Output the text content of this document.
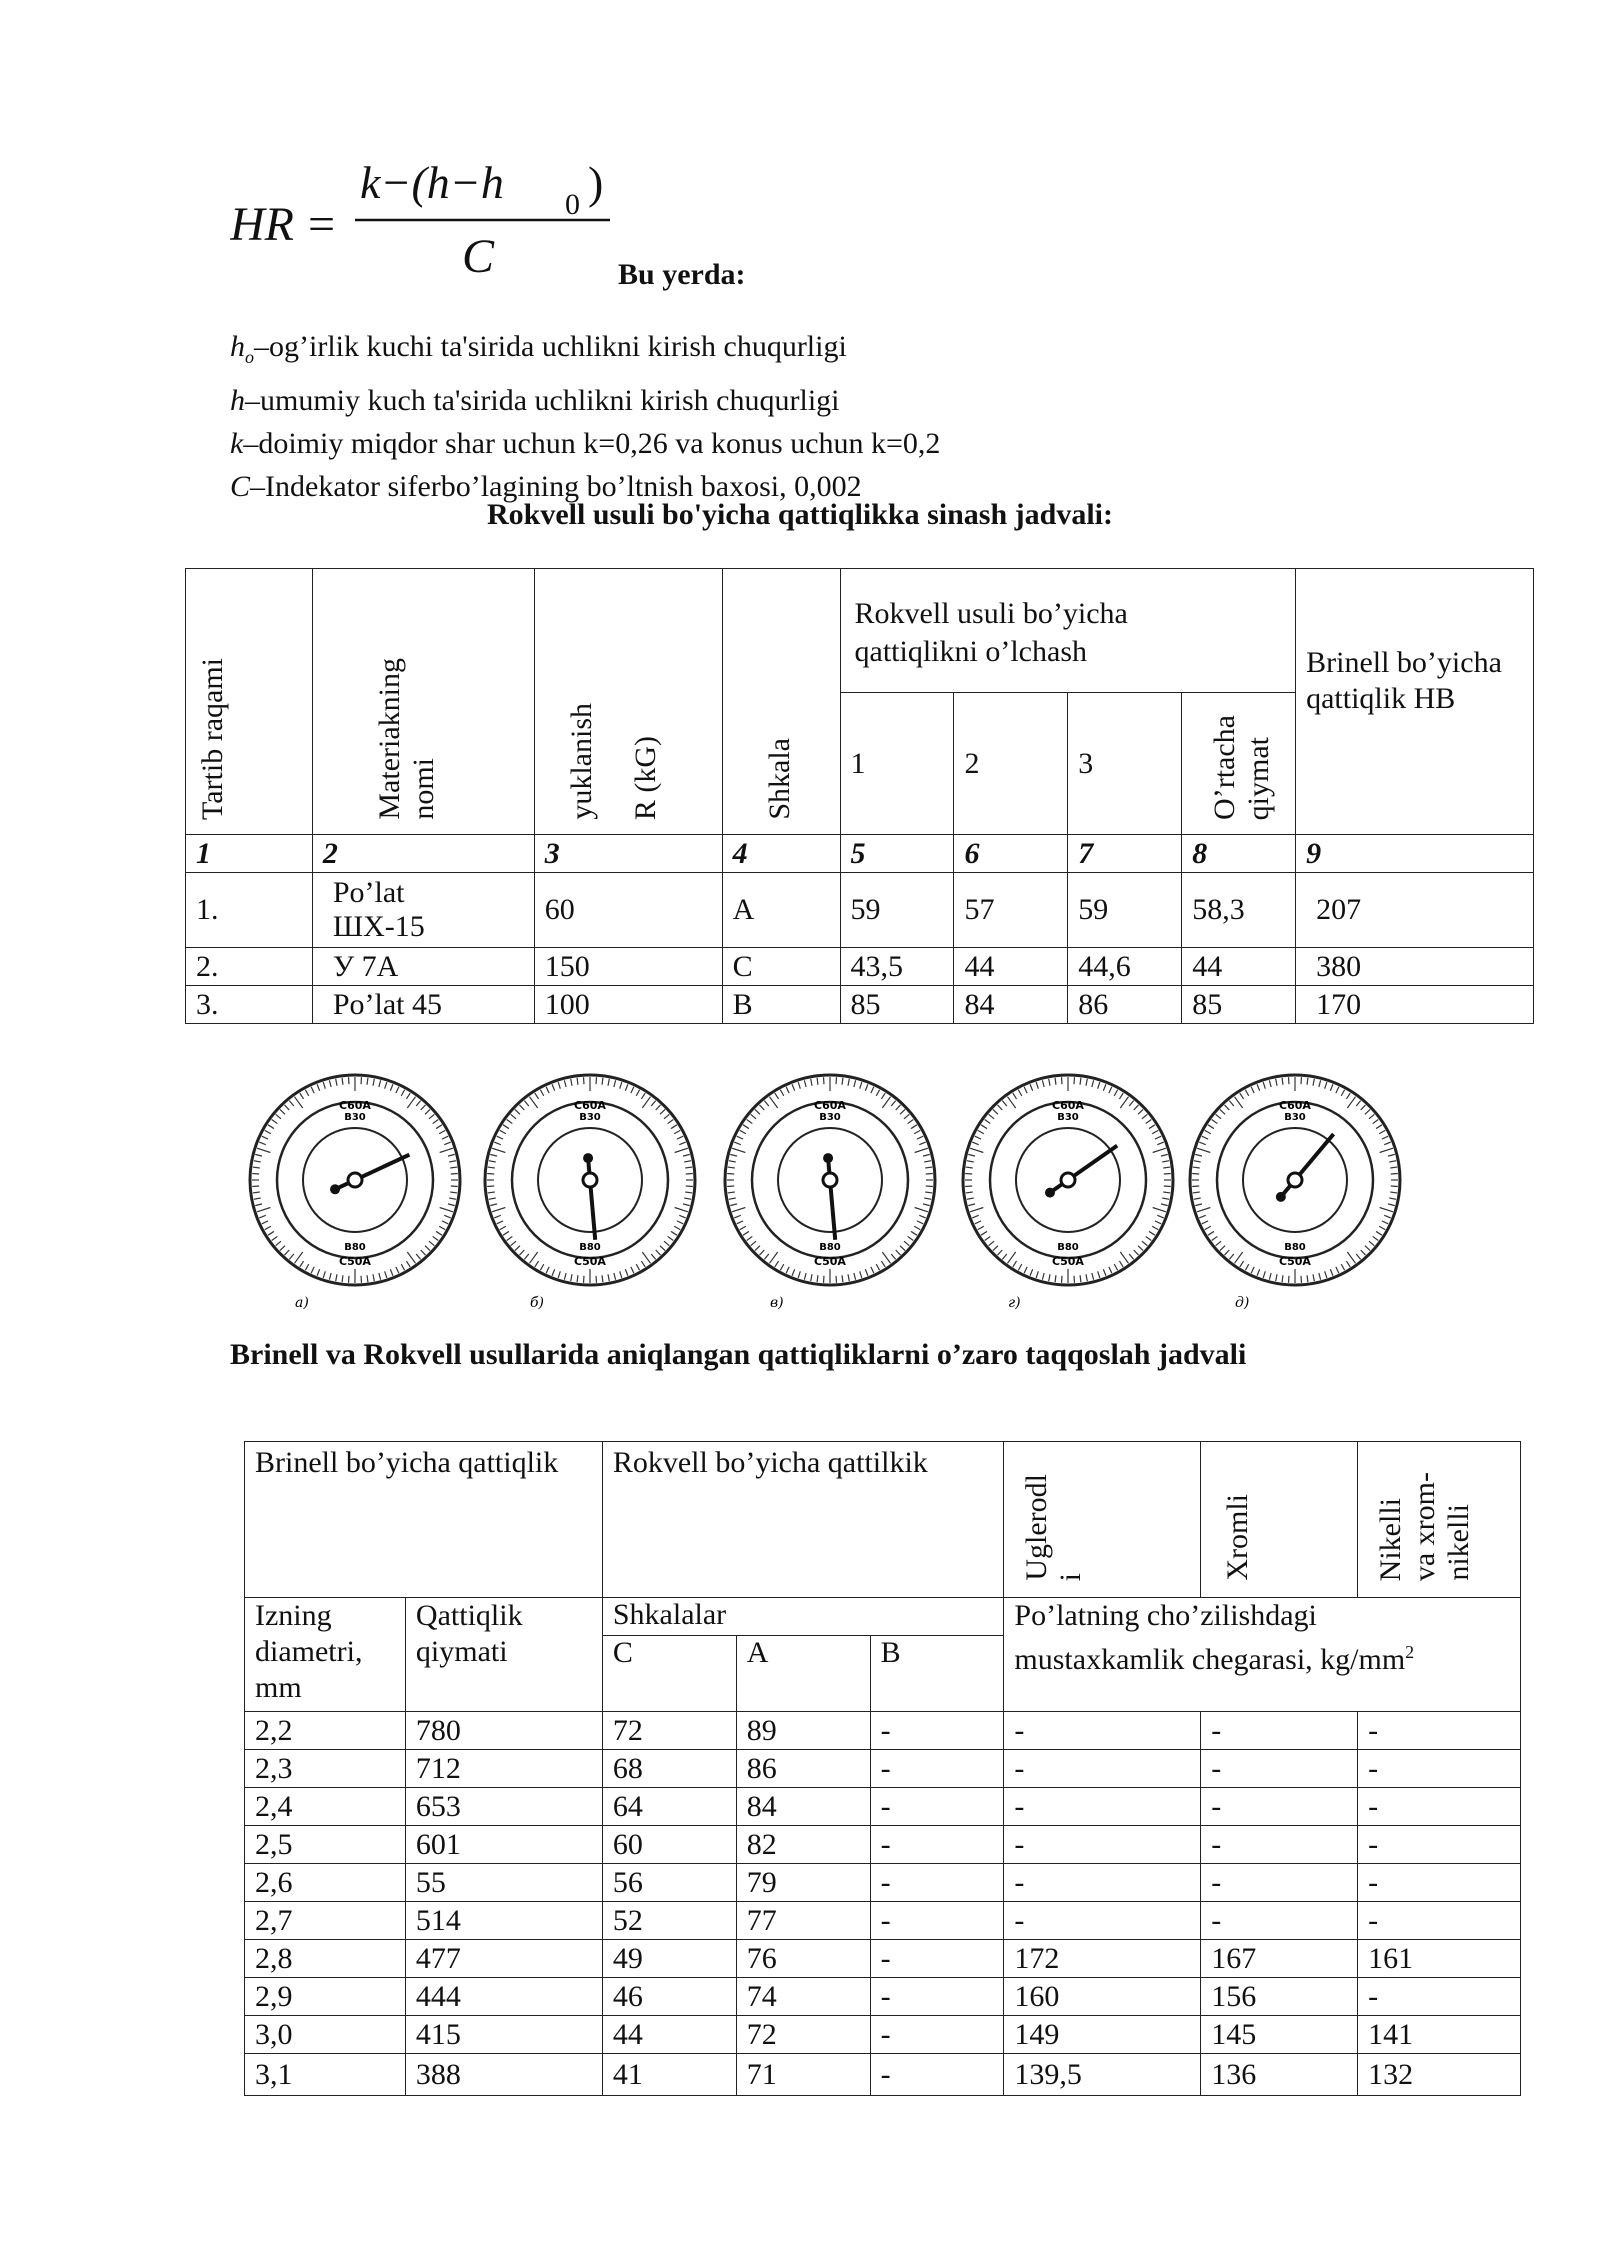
HR =
k−(h−h 0 )
C	Bu yerda:
$h_o-og’irlik$ kuchi ta'sirida uchlikni kirish chuqurligi
h–umumiy kuch ta'sirida uchlikni kirish chuqurligi
k–doimiy miqdor shar uchun k=0,26 va konus uchun k=0,2
C–Indekator siferbo’lagining bo’ltnish baxosi, 0,002
Rokvell usuli bo'yicha qattiqlikka sinash jadvali:
Tartib raqami	Materiakningnomi	yuklanish R (kG)	Shkala	Rokvell usuli bo’yicha qattiqlikni o’lchash				Brinell bo’yicha qattiqlik HB
				1	2	3	O’rtachaqiymat	
1	2	3	4	5	6	7	8	9
1.	Po’lat ШХ-15	60	A	59	57	59	58,3	207
2.	У 7А	150	C	43,5	44	44,6	44	380
3.	Po’lat 45	100	B	85	84	86	85	170
C60A
B30
B80
C50A
a)
C60A
B30
B80
C50A
б)
C60A
B30
B80
C50A
в)
C60A
B30
B80
C50A
г)
C60A
B30
B80
C50A
д)
Brinell va Rokvell usullarida aniqlangan qattiqliklarni o’zaro taqqoslah jadvali
Brinell bo’yicha qattiqlik		Rokvell bo’yicha qattilkik			Uglerodli	Xromli	Nikelliva xrom-nikelli
Izning diametri, mm	Qattiqlik qiymati	Shkalalar			Po’latning cho’zilishdagi mustaxkamlik chegarasi, $kg/mm^2$
		C	A	B			
2,2	780	72	89	-	-	-	-
2,3	712	68	86	-	-	-	-
2,4	653	64	84	-	-	-	-
2,5	601	60	82	-	-	-	-
2,6	55	56	79	-	-	-	-
2,7	514	52	77	-	-	-	-
2,8	477	49	76	-	172	167	161
2,9	444	46	74	-	160	156	-
3,0	415	44	72	-	149	145	141
3,1	388	41	71	-	139,5	136	132
